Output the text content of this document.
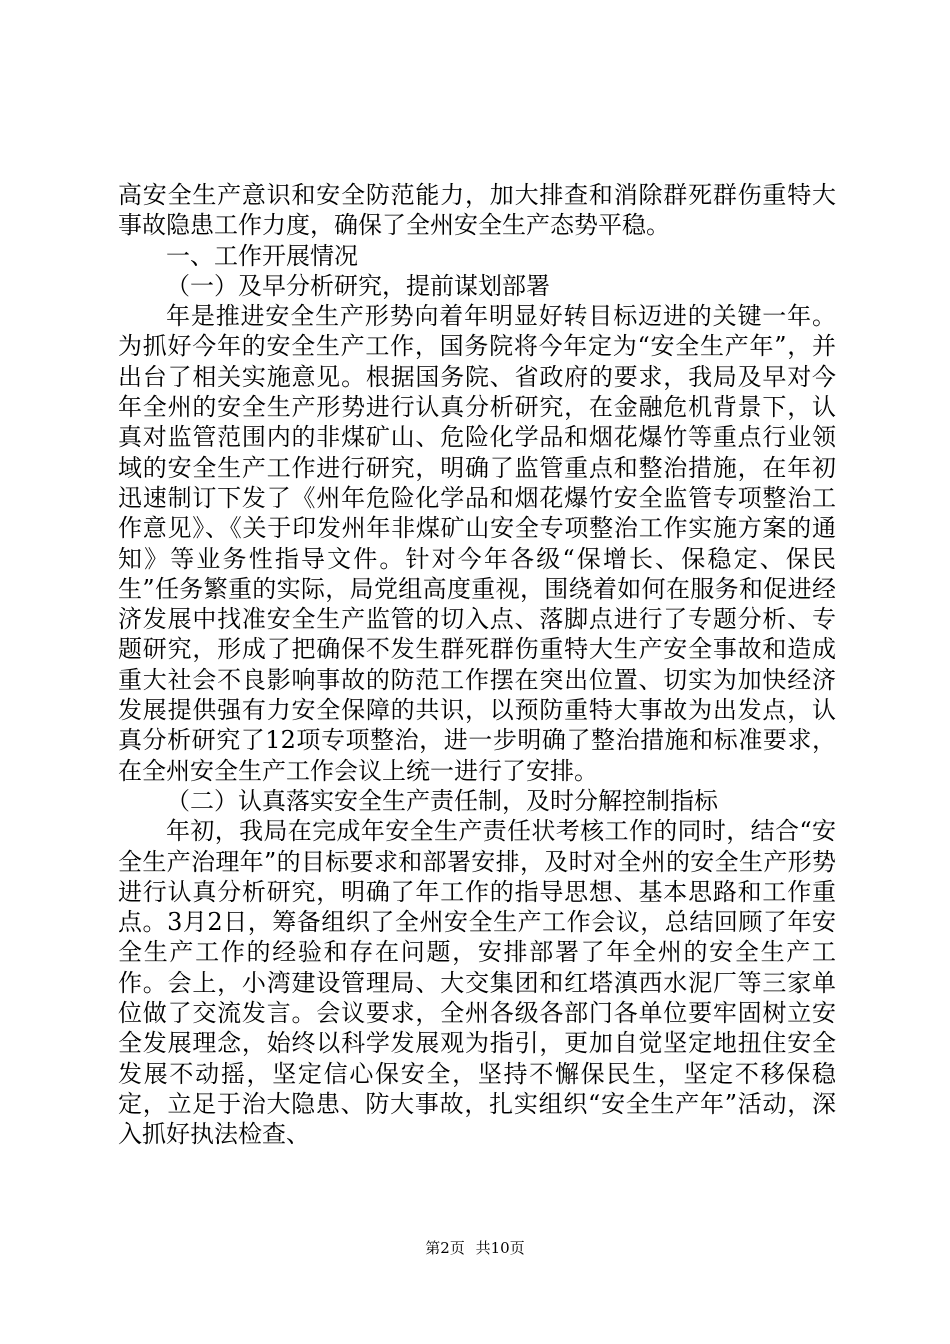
高安全生产意识和安全防范能力，加大排查和消除群死群伤重特大事故隐患工作力度，确保了全州安全生产态势平稳。

一、工作开展情况

（一）及早分析研究，提前谋划部署

年是推进安全生产形势向着年明显好转目标迈进的关键一年。为抓好今年的安全生产工作，国务院将今年定为“安全生产年”，并出台了相关实施意见。根据国务院、省政府的要求，我局及早对今年全州的安全生产形势进行认真分析研究，在金融危机背景下，认真对监管范围内的非煤矿山、危险化学品和烟花爆竹等重点行业领域的安全生产工作进行研究，明确了监管重点和整治措施，在年初迅速制订下发了《州年危险化学品和烟花爆竹安全监管专项整治工作意见》、《关于印发州年非煤矿山安全专项整治工作实施方案的通知》等业务性指导文件。针对今年各级“保增长、保稳定、保民生”任务繁重的实际，局党组高度重视，围绕着如何在服务和促进经济发展中找准安全生产监管的切入点、落脚点进行了专题分析、专题研究，形成了把确保不发生群死群伤重特大生产安全事故和造成重大社会不良影响事故的防范工作摆在突出位置、切实为加快经济发展提供强有力安全保障的共识，以预防重特大事故为出发点，认真分析研究了12项专项整治，进一步明确了整治措施和标准要求，在全州安全生产工作会议上统一进行了安排。

（二）认真落实安全生产责任制，及时分解控制指标

年初，我局在完成年安全生产责任状考核工作的同时，结合“安全生产治理年”的目标要求和部署安排，及时对全州的安全生产形势进行认真分析研究，明确了年工作的指导思想、基本思路和工作重点。3月2日，筹备组织了全州安全生产工作会议，总结回顾了年安全生产工作的经验和存在问题，安排部署了年全州的安全生产工作。会上，小湾建设管理局、大交集团和红塔滇西水泥厂等三家单位做了交流发言。会议要求，全州各级各部门各单位要牢固树立安全发展理念，始终以科学发展观为指引，更加自觉坚定地扭住安全发展不动摇，坚定信心保安全，坚持不懈保民生，坚定不移保稳定，立足于治大隐患、防大事故，扎实组织“安全生产年”活动，深入抓好执法检查、

第2页 共10页
